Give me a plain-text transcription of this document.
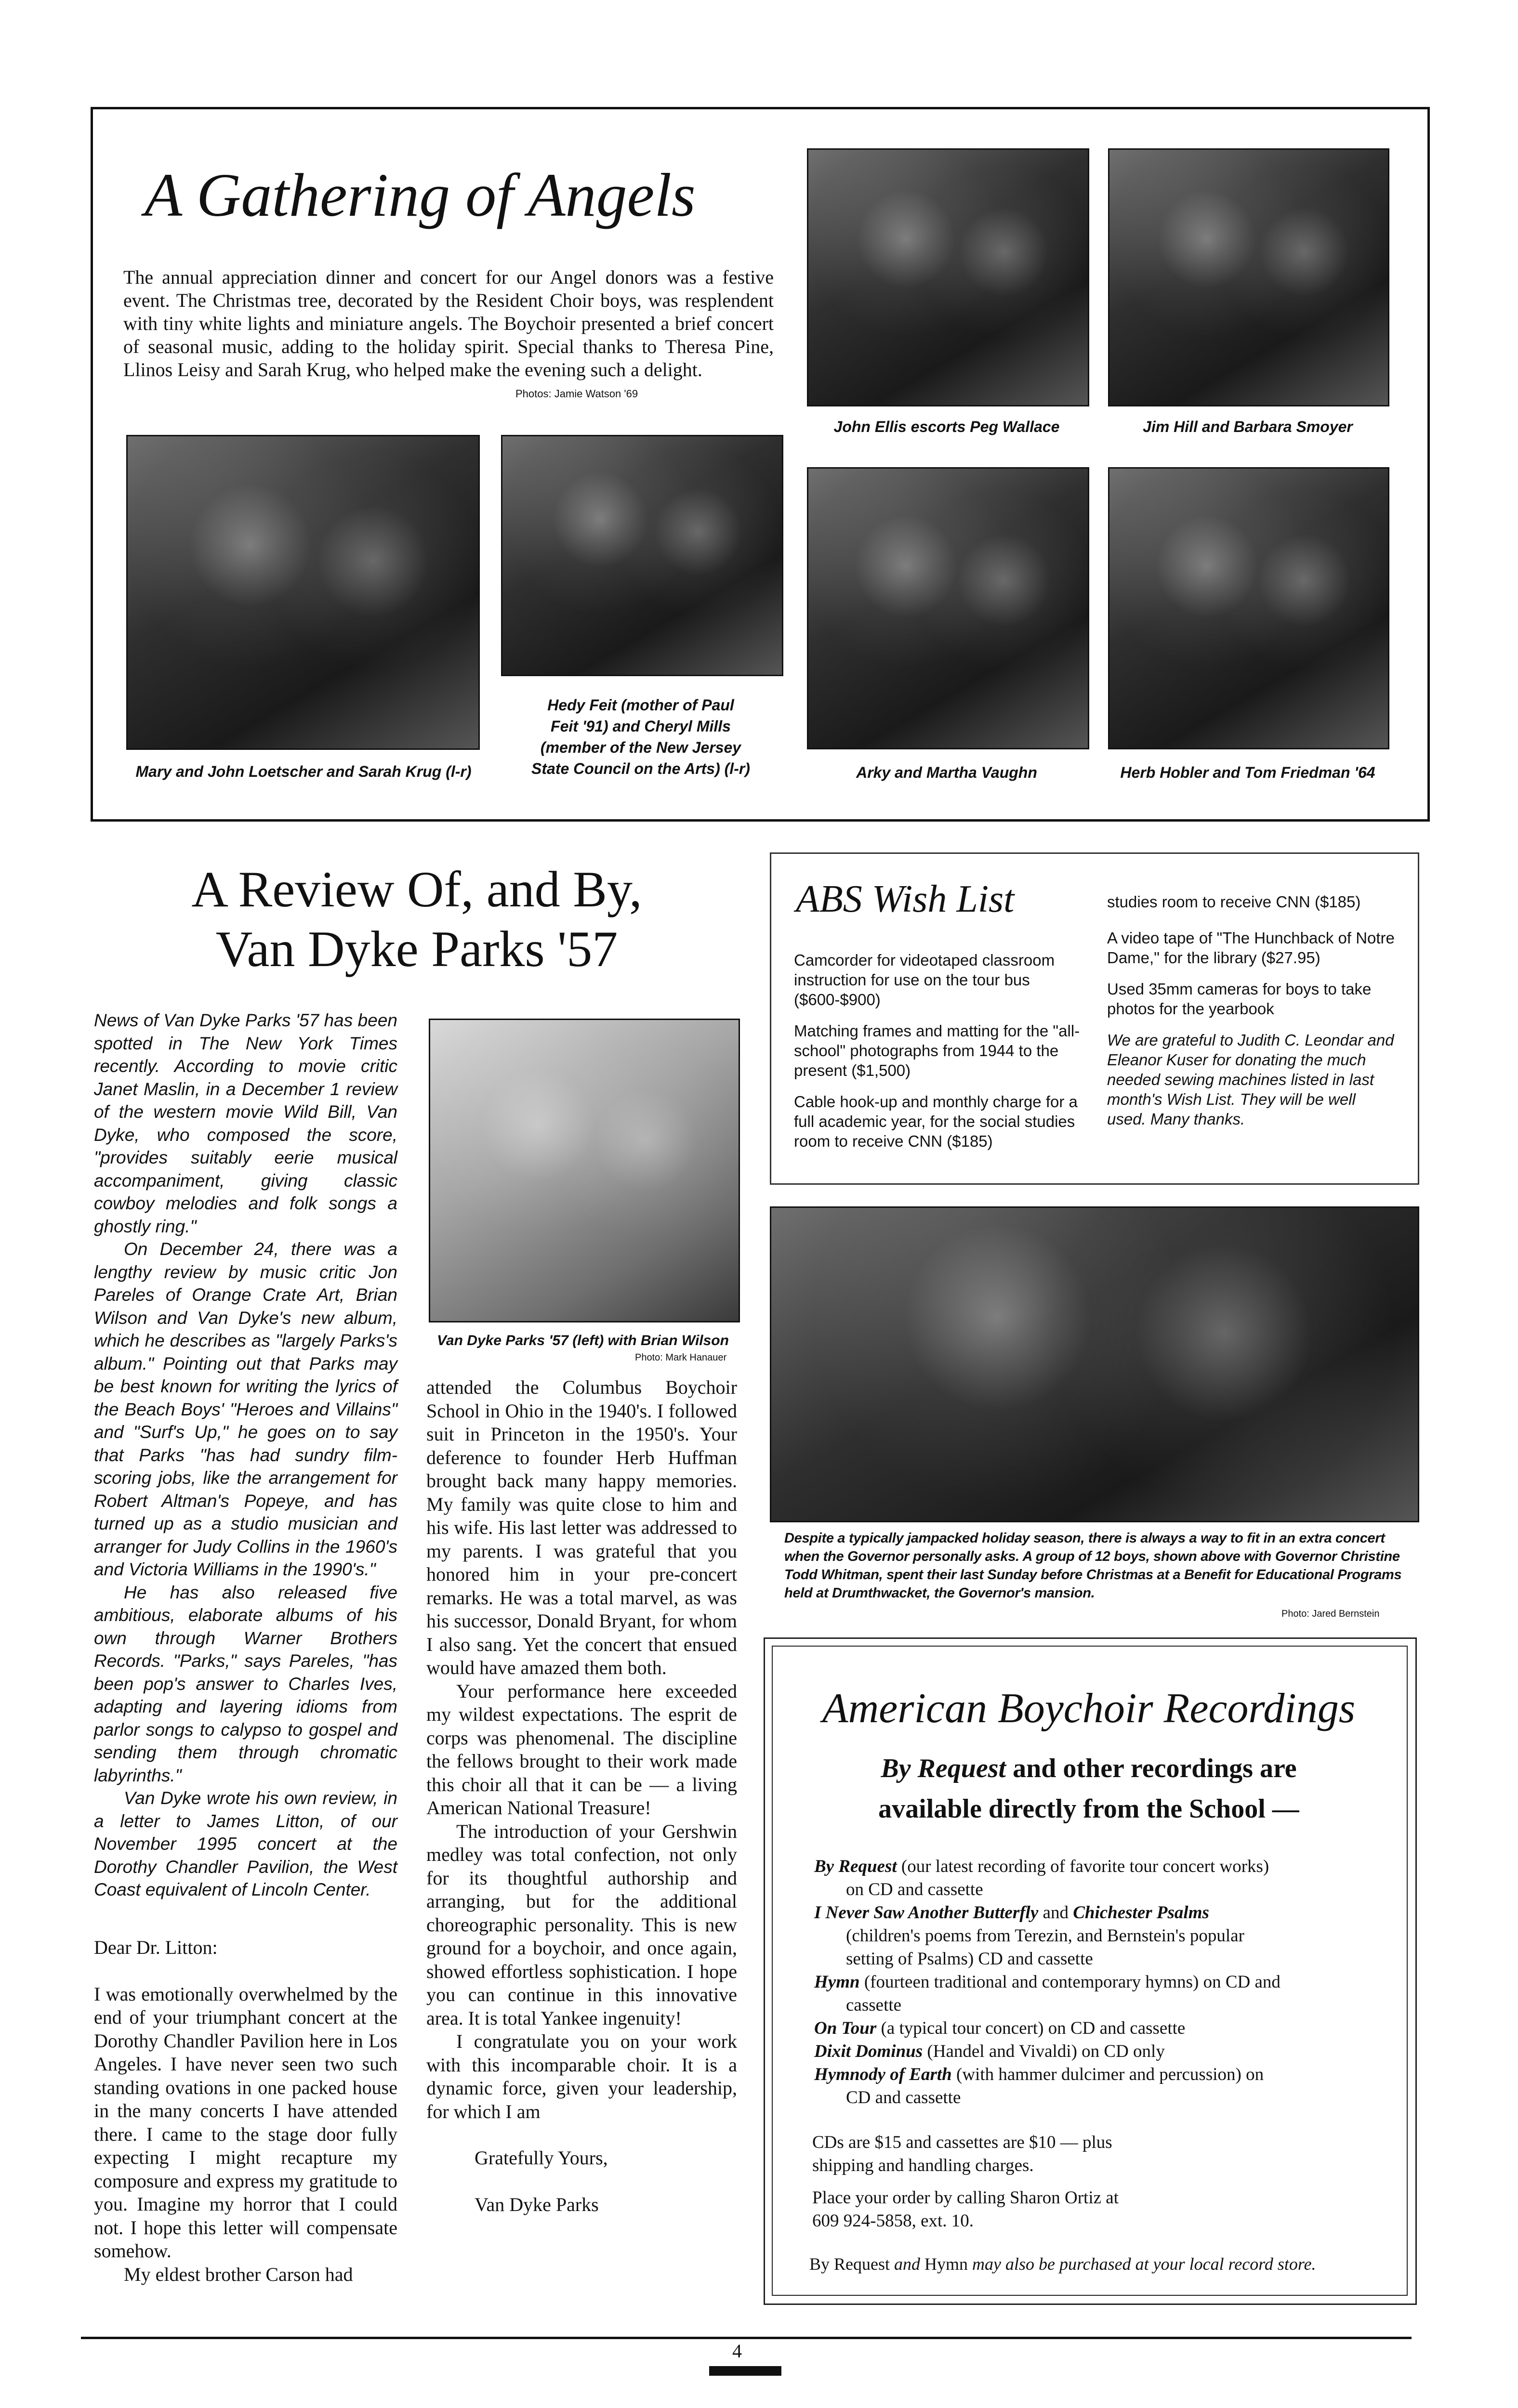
A Gathering of Angels
The annual appreciation dinner and concert for our Angel donors was a festive event. The Christmas tree, decorated by the Resident Choir boys, was resplendent with tiny white lights and miniature angels. The Boychoir presented a brief concert of seasonal music, adding to the holiday spirit. Special thanks to Theresa Pine, Llinos Leisy and Sarah Krug, who helped make the evening such a delight.
Photos: Jamie Watson '69
John Ellis escorts Peg Wallace	Jim Hill and Barbara Smoyer
Mary and John Loetscher and Sarah Krug (l-r)
Hedy Feit (mother of Paul
Feit '91) and Cheryl Mills
(member of the New Jersey
State Council on the Arts) (l-r)	Arky and Martha Vaughn	Herb Hobler and Tom Friedman '64
A Review Of, and By,
Van Dyke Parks '57

News of Van Dyke Parks '57 has been spotted in The New York Times recently. According to movie critic Janet Maslin, in a December 1 review of the western movie Wild Bill, Van Dyke, who composed the score, "provides suitably eerie musical accompaniment, giving classic cowboy melodies and folk songs a ghostly ring."

On December 24, there was a lengthy review by music critic Jon Pareles of Orange Crate Art, Brian Wilson and Van Dyke's new album, which he describes as "largely Parks's album." Pointing out that Parks may be best known for writing the lyrics of the Beach Boys' "Heroes and Villains" and "Surf's Up," he goes on to say that Parks "has had sundry film-scoring jobs, like the arrangement for Robert Altman's Popeye, and has turned up as a studio musician and arranger for Judy Collins in the 1960's and Victoria Williams in the 1990's."

He has also released five ambitious, elaborate albums of his own through Warner Brothers Records. "Parks," says Pareles, "has been pop's answer to Charles Ives, adapting and layering idioms from parlor songs to calypso to gospel and sending them through chromatic labyrinths."

Van Dyke wrote his own review, in a letter to James Litton, of our November 1995 concert at the Dorothy Chandler Pavilion, the West Coast equivalent of Lincoln Center.

Dear Dr. Litton:

I was emotionally overwhelmed by the end of your triumphant concert at the Dorothy Chandler Pavilion here in Los Angeles. I have never seen two such standing ovations in one packed house in the many concerts I have attended there. I came to the stage door fully expecting I might recapture my composure and express my gratitude to you. Imagine my horror that I could not. I hope this letter will compensate somehow.

My eldest brother Carson had

Van Dyke Parks '57 (left) with Brian Wilson
Photo: Mark Hanauer

attended the Columbus Boychoir School in Ohio in the 1940's. I followed suit in Princeton in the 1950's. Your deference to founder Herb Huffman brought back many happy memories. My family was quite close to him and his wife. His last letter was addressed to my parents. I was grateful that you honored him in your pre-concert remarks. He was a total marvel, as was his successor, Donald Bryant, for whom I also sang. Yet the concert that ensued would have amazed them both.

Your performance here exceeded my wildest expectations. The esprit de corps was phenomenal. The discipline the fellows brought to their work made this choir all that it can be — a living American National Treasure!

The introduction of your Gershwin medley was total confection, not only for its thoughtful authorship and arranging, but for the additional choreographic personality. This is new ground for a boychoir, and once again, showed effortless sophistication. I hope you can continue in this innovative area. It is total Yankee ingenuity!

I congratulate you on your work with this incomparable choir. It is a dynamic force, given your leadership, for which I am

Gratefully Yours,

Van Dyke Parks

ABS Wish List

Camcorder for videotaped classroom instruction for use on the tour bus ($600-$900)

Matching frames and matting for the "all-school" photographs from 1944 to the present ($1,500)

Cable hook-up and monthly charge for a full academic year, for the social studies room to receive CNN ($185)

studies room to receive CNN ($185)

A video tape of "The Hunchback of Notre Dame," for the library ($27.95)

Used 35mm cameras for boys to take photos for the yearbook

We are grateful to Judith C. Leondar and Eleanor Kuser for donating the much needed sewing machines listed in last month's Wish List. They will be well used. Many thanks.

Despite a typically jampacked holiday season, there is always a way to fit in an extra concert when the Governor personally asks. A group of 12 boys, shown above with Governor Christine Todd Whitman, spent their last Sunday before Christmas at a Benefit for Educational Programs held at Drumthwacket, the Governor's mansion.
Photo: Jared Bernstein
American Boychoir Recordings
By Request and other recordings are
available directly from the School —

By Request (our latest recording of favorite tour concert works)

on CD and cassette

I Never Saw Another Butterfly and Chichester Psalms

(children's poems from Terezin, and Bernstein's popular

setting of Psalms) CD and cassette

Hymn (fourteen traditional and contemporary hymns) on CD and

cassette

On Tour (a typical tour concert) on CD and cassette

Dixit Dominus (Handel and Vivaldi) on CD only

Hymnody of Earth (with hammer dulcimer and percussion) on

CD and cassette

CDs are $15 and cassettes are $10 — plus
shipping and handling charges.
Place your order by calling Sharon Ortiz at
609 924-5858, ext. 10.
By Request and Hymn may also be purchased at your local record store.
4
